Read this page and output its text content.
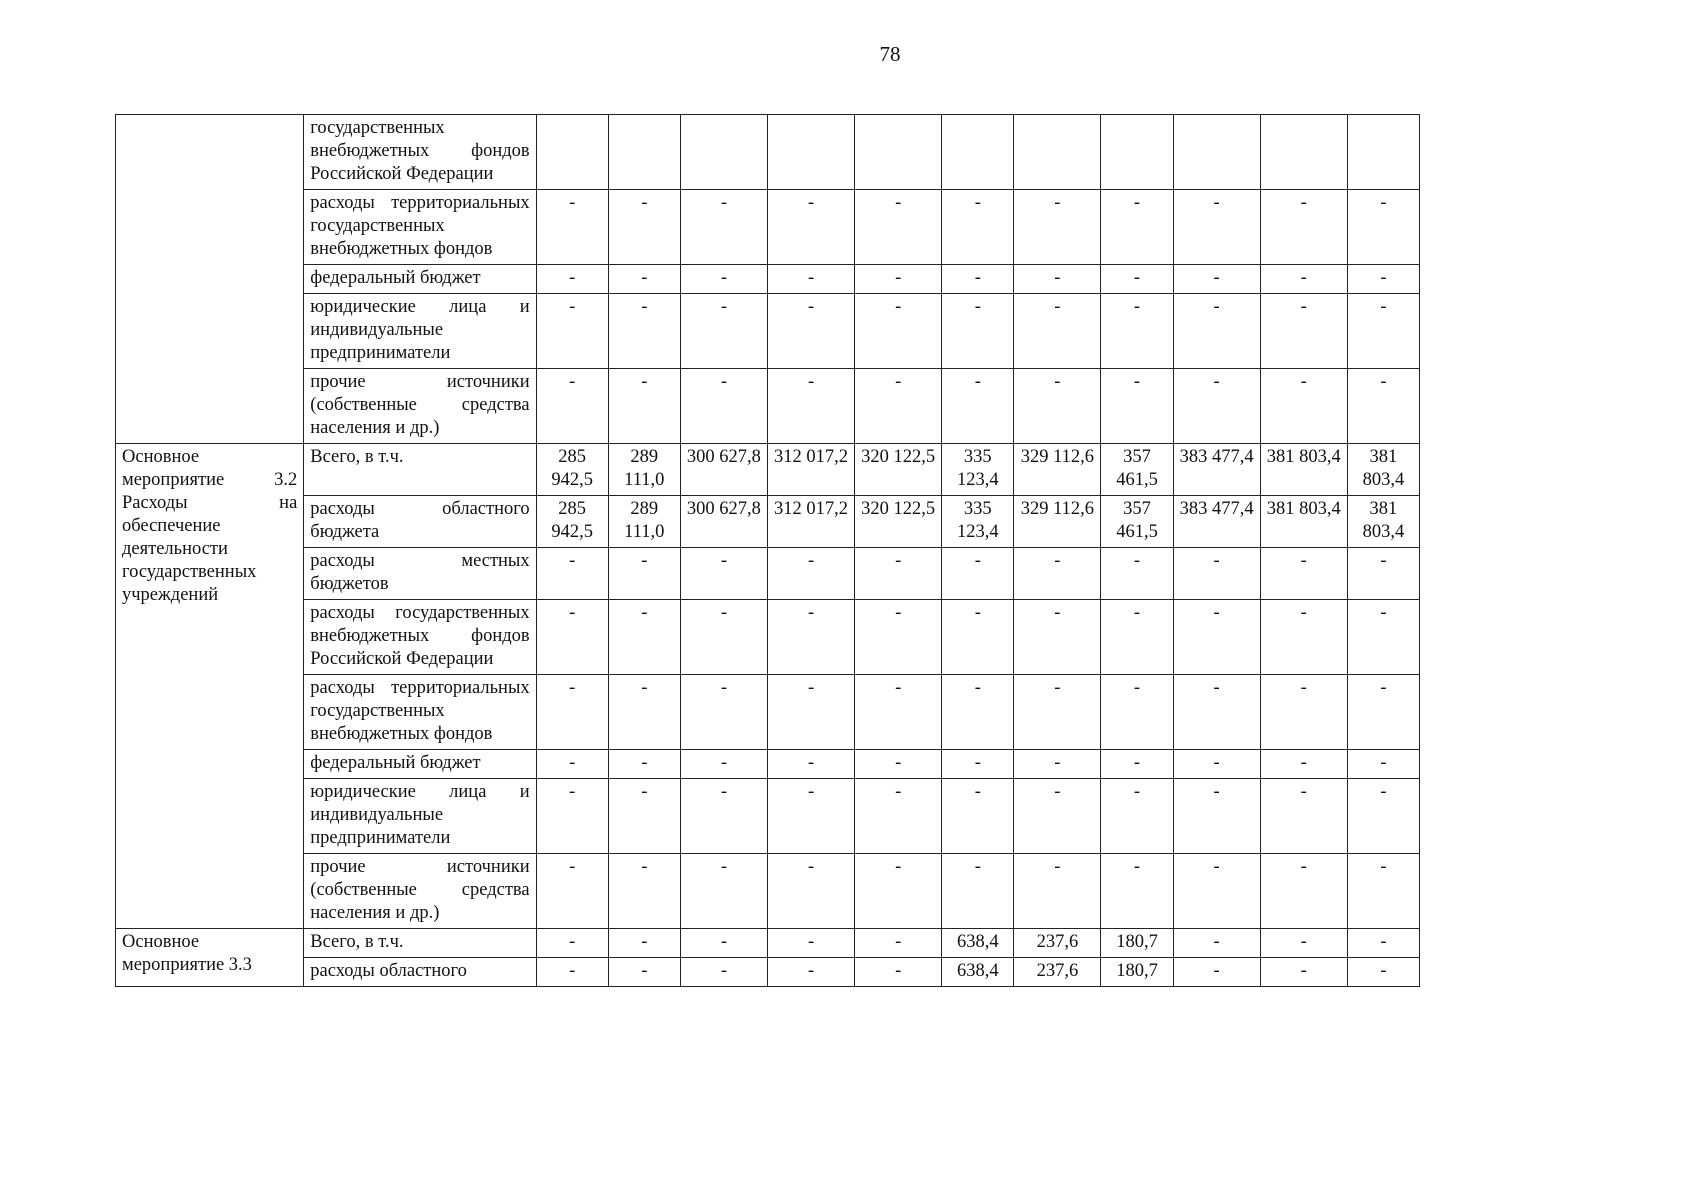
78
	государственных внебюджетных фондов Российской Федерации											
	расходы территориальных государственных внебюджетных фондов	-	-	-	-	-	-	-	-	-	-	-
	федеральный бюджет	-	-	-	-	-	-	-	-	-	-	-
	юридические лица и индивидуальные предприниматели	-	-	-	-	-	-	-	-	-	-	-
	прочие источники (собственные средства населения и др.)	-	-	-	-	-	-	-	-	-	-	-
Основное мероприятие 3.2 Расходы на обеспечение деятельности государственных учреждений	Всего, в т.ч.	285 942,5	289 111,0	300 627,8	312 017,2	320 122,5	335 123,4	329 112,6	357 461,5	383 477,4	381 803,4	381 803,4
	расходы областного бюджета	285 942,5	289 111,0	300 627,8	312 017,2	320 122,5	335 123,4	329 112,6	357 461,5	383 477,4	381 803,4	381 803,4
	расходы местных бюджетов	-	-	-	-	-	-	-	-	-	-	-
	расходы государственных внебюджетных фондов Российской Федерации	-	-	-	-	-	-	-	-	-	-	-
	расходы территориальных государственных внебюджетных фондов	-	-	-	-	-	-	-	-	-	-	-
	федеральный бюджет	-	-	-	-	-	-	-	-	-	-	-
	юридические лица и индивидуальные предприниматели	-	-	-	-	-	-	-	-	-	-	-
	прочие источники (собственные средства населения и др.)	-	-	-	-	-	-	-	-	-	-	-
Основное мероприятие 3.3	Всего, в т.ч.	-	-	-	-	-	638,4	237,6	180,7	-	-	-
	расходы областного	-	-	-	-	-	638,4	237,6	180,7	-	-	-
